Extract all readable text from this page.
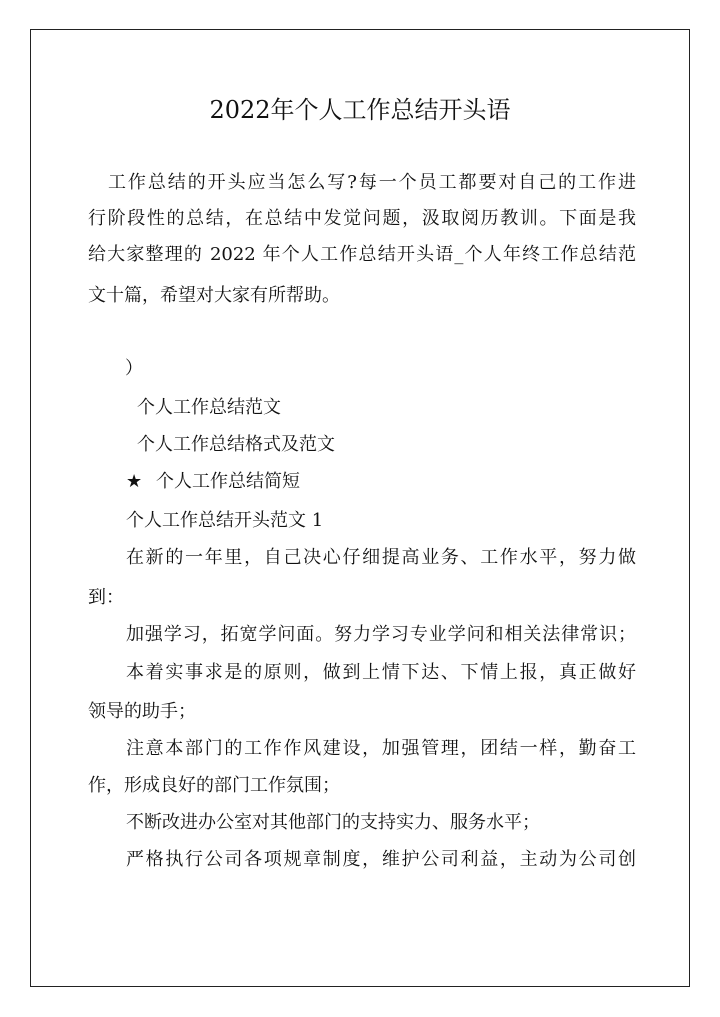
2022年个人工作总结开头语
工作总结的开头应当怎么写?每一个员工都要对自己的工作进
行阶段性的总结，在总结中发觉问题，汲取阅历教训。下面是我
给大家整理的 2022 年个人工作总结开头语_个人年终工作总结范
文十篇，希望对大家有所帮助。
）
个人工作总结范文
个人工作总结格式及范文
★ 个人工作总结简短
个人工作总结开头范文 1
在新的一年里，自己决心仔细提高业务、工作水平，努力做
到：
加强学习，拓宽学问面。努力学习专业学问和相关法律常识；
本着实事求是的原则，做到上情下达、下情上报，真正做好
领导的助手；
注意本部门的工作作风建设，加强管理，团结一样，勤奋工
作，形成良好的部门工作氛围；
不断改进办公室对其他部门的支持实力、服务水平；
严格执行公司各项规章制度，维护公司利益，主动为公司创
